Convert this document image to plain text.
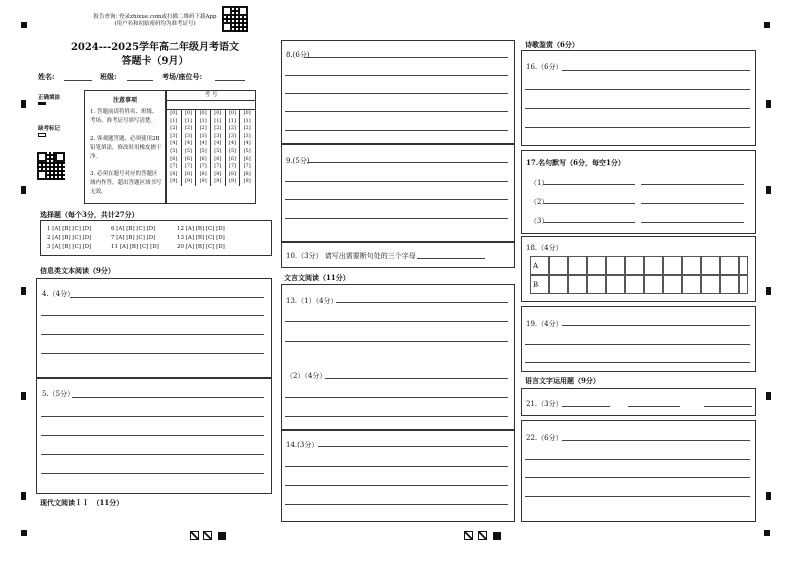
报告查询: 登录zhixue.com或扫描二维码下载App
(用户名和初始密码均为准考证号)
2024---2025学年高二年级月考语文
答题卡（9月）
姓名:	班级:	考场/座位号:
正确填涂
缺考标记
注意事项
1. 答题前请将姓名、班级、考场、准考证号填写清楚。
2. 客观题答题，必须使用2B铅笔填涂，修改时用橡皮擦干净。
3. 必须在题号对应的答题区域内作答，超出答题区域书写无效。
考 号
[0]	[0]	[0]	[0]	[0]	[0]
[1]	[1]	[1]	[1]	[1]	[1]
[2]	[2]	[2]	[2]	[2]	[2]
[3]	[3]	[3]	[3]	[3]	[3]
[4]	[4]	[4]	[4]	[4]	[4]
[5]	[5]	[5]	[5]	[5]	[5]
[6]	[6]	[6]	[6]	[6]	[6]
[7]	[7]	[7]	[7]	[7]	[7]
[8]	[8]	[8]	[8]	[8]	[8]
[9]	[9]	[9]	[9]	[9]	[9]
选择题（每个3分，共计27分）
1 [A] [B] [C] [D]	6 [A] [B] [C] [D]	12 [A] [B] [C] [D]
2 [A] [B] [C] [D]	7 [A] [B] [C] [D]	13 [A] [B] [C] [D]
3 [A] [B] [C] [D]	11 [A] [B] [C] [D]	20 [A] [B] [C] [D]
信息类文本阅读（9分）
4.（4分）
5.（5分）
现代文阅读ＩＩ　（11分）
8.(6分)
9.(5分)
10.（3分） 请写出需要断句处的三个字母
文言文阅读（11分）
13.（1）（4分）
（2）（4分）
14.(3分）
诗歌鉴赏（6分）
16.（6分）
17.名句默写（6分，每空1分）
（1）
（2）
（3）
18.（4分）
A
B
19.（4分）
语言文字运用题（9分）
21.（3分）
22.（6分）
